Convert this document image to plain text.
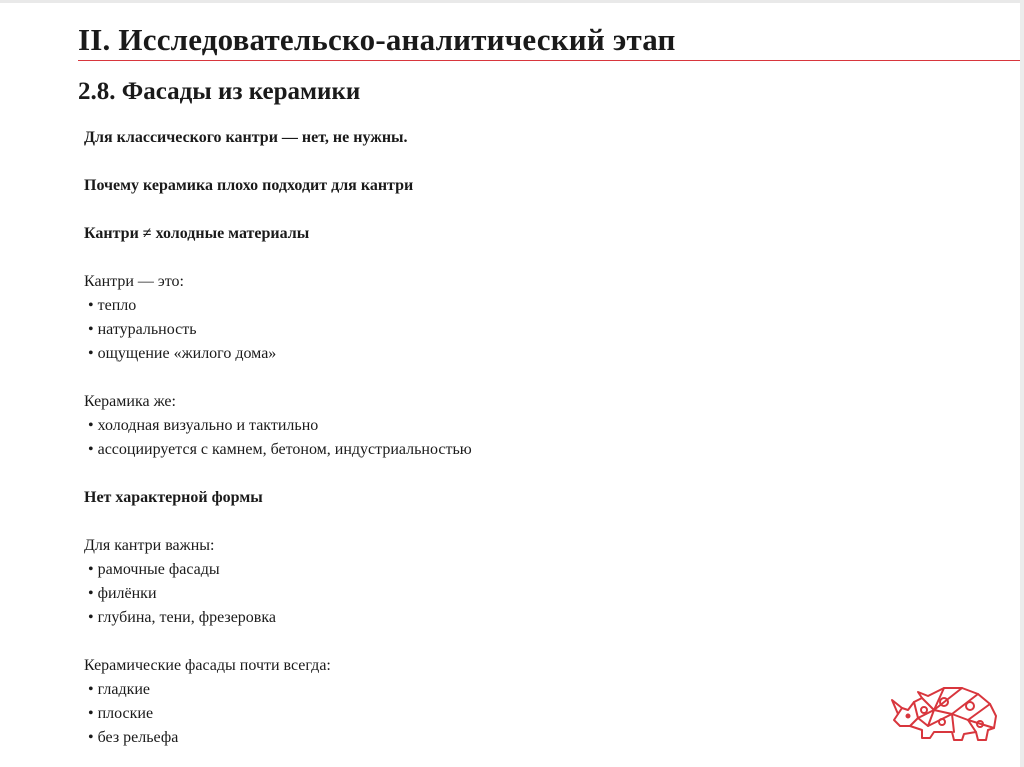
II. Исследовательско-аналитический этап
2.8. Фасады из керамики

Для классического кантри — нет, не нужны.

Почему керамика плохо подходит для кантри

Кантри ≠ холодные материалы

Кантри — это:

• тепло

• натуральность

• ощущение «жилого дома»

Керамика же:

• холодная визуально и тактильно

• ассоциируется с камнем, бетоном, индустриальностью

Нет характерной формы

Для кантри важны:

• рамочные фасады

• филёнки

• глубина, тени, фрезеровка

Керамические фасады почти всегда:

• гладкие

• плоские

• без рельефа
